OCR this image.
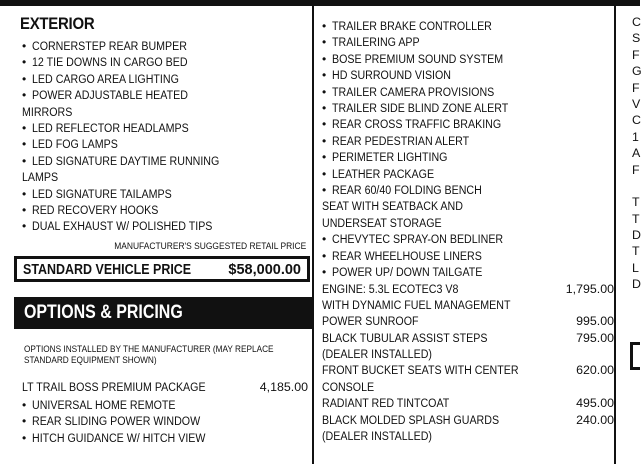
EXTERIOR
• CORNERSTEP REAR BUMPER
• 12 TIE DOWNS IN CARGO BED
• LED CARGO AREA LIGHTING
• POWER ADJUSTABLE HEATED
MIRRORS
• LED REFLECTOR HEADLAMPS
• LED FOG LAMPS
• LED SIGNATURE DAYTIME RUNNING
LAMPS
• LED SIGNATURE TAILAMPS
• RED RECOVERY HOOKS
• DUAL EXHAUST W/ POLISHED TIPS
MANUFACTURER'S SUGGESTED RETAIL PRICE
STANDARD VEHICLE PRICE	$58,000.00
OPTIONS & PRICING
OPTIONS INSTALLED BY THE MANUFACTURER (MAY REPLACE
STANDARD EQUIPMENT SHOWN)
LT TRAIL BOSS PREMIUM PACKAGE	4,185.00
• UNIVERSAL HOME REMOTE
• REAR SLIDING POWER WINDOW
• HITCH GUIDANCE W/ HITCH VIEW
• TRAILER BRAKE CONTROLLER
• TRAILERING APP
• BOSE PREMIUM SOUND SYSTEM
• HD SURROUND VISION
• TRAILER CAMERA PROVISIONS
• TRAILER SIDE BLIND ZONE ALERT
• REAR CROSS TRAFFIC BRAKING
• REAR PEDESTRIAN ALERT
• PERIMETER LIGHTING
• LEATHER PACKAGE
• REAR 60/40 FOLDING BENCH
SEAT WITH SEATBACK AND
UNDERSEAT STORAGE
• CHEVYTEC SPRAY-ON BEDLINER
• REAR WHEELHOUSE LINERS
• POWER UP/ DOWN TAILGATE
ENGINE: 5.3L ECOTEC3 V8	1,795.00
WITH DYNAMIC FUEL MANAGEMENT
POWER SUNROOF	995.00
BLACK TUBULAR ASSIST STEPS	795.00
(DEALER INSTALLED)
FRONT BUCKET SEATS WITH CENTER	620.00
CONSOLE
RADIANT RED TINTCOAT	495.00
BLACK MOLDED SPLASH GUARDS	240.00
(DEALER INSTALLED)
C
S
F
G
F
V
C
1
A
F
T
T
D
T
L
D
